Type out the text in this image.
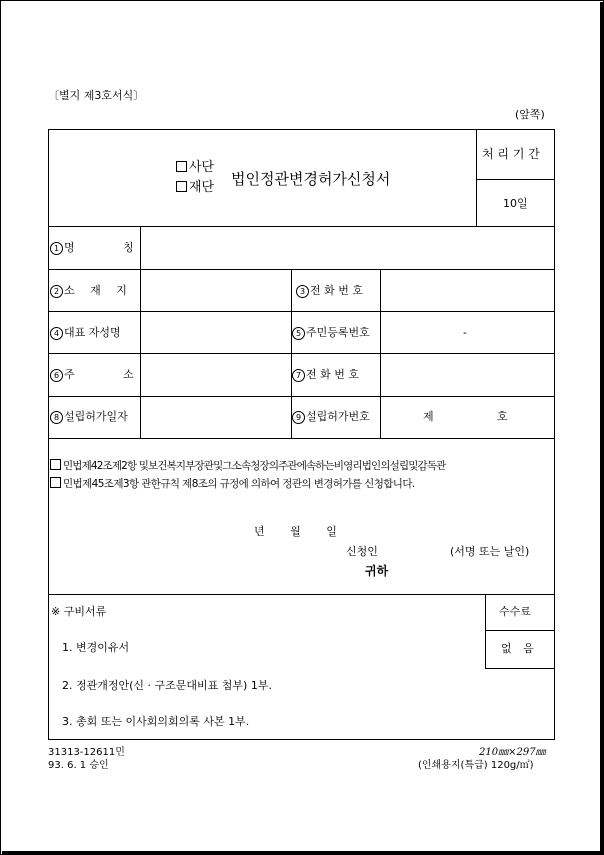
〔별지 제3호서식〕
(앞쪽)
사단
재단 법인정관변경허가신청서
처 리 기 간
10일
1 명 칭
2 소 재 지	3 전 화 번 호
4 대표 자성명	5 주민등록번호	-
6 주 소	7 전 화 번 호
8 설립허가일자	9 설립허가번호	제	호
민법제42조제2항 및보건복지부장관및그소속청장의주관에속하는비영리법인의설립및감독관
민법제45조제3항 관한규칙 제8조의 규정에 의하여 정관의 변경허가를 신청합니다.
년 월 일
신청인	(서명 또는 날인)
귀하
※ 구비서류
1. 변경이유서
2. 정관개정안(신 · 구조문대비표 첨부) 1부.
3. 총회 또는 이사회의회의록 사본 1부.
수수료
없 음
31313-12611민
93. 6. 1 승인
210㎜×297㎜
(인쇄용지(특급) 120g/㎡)
